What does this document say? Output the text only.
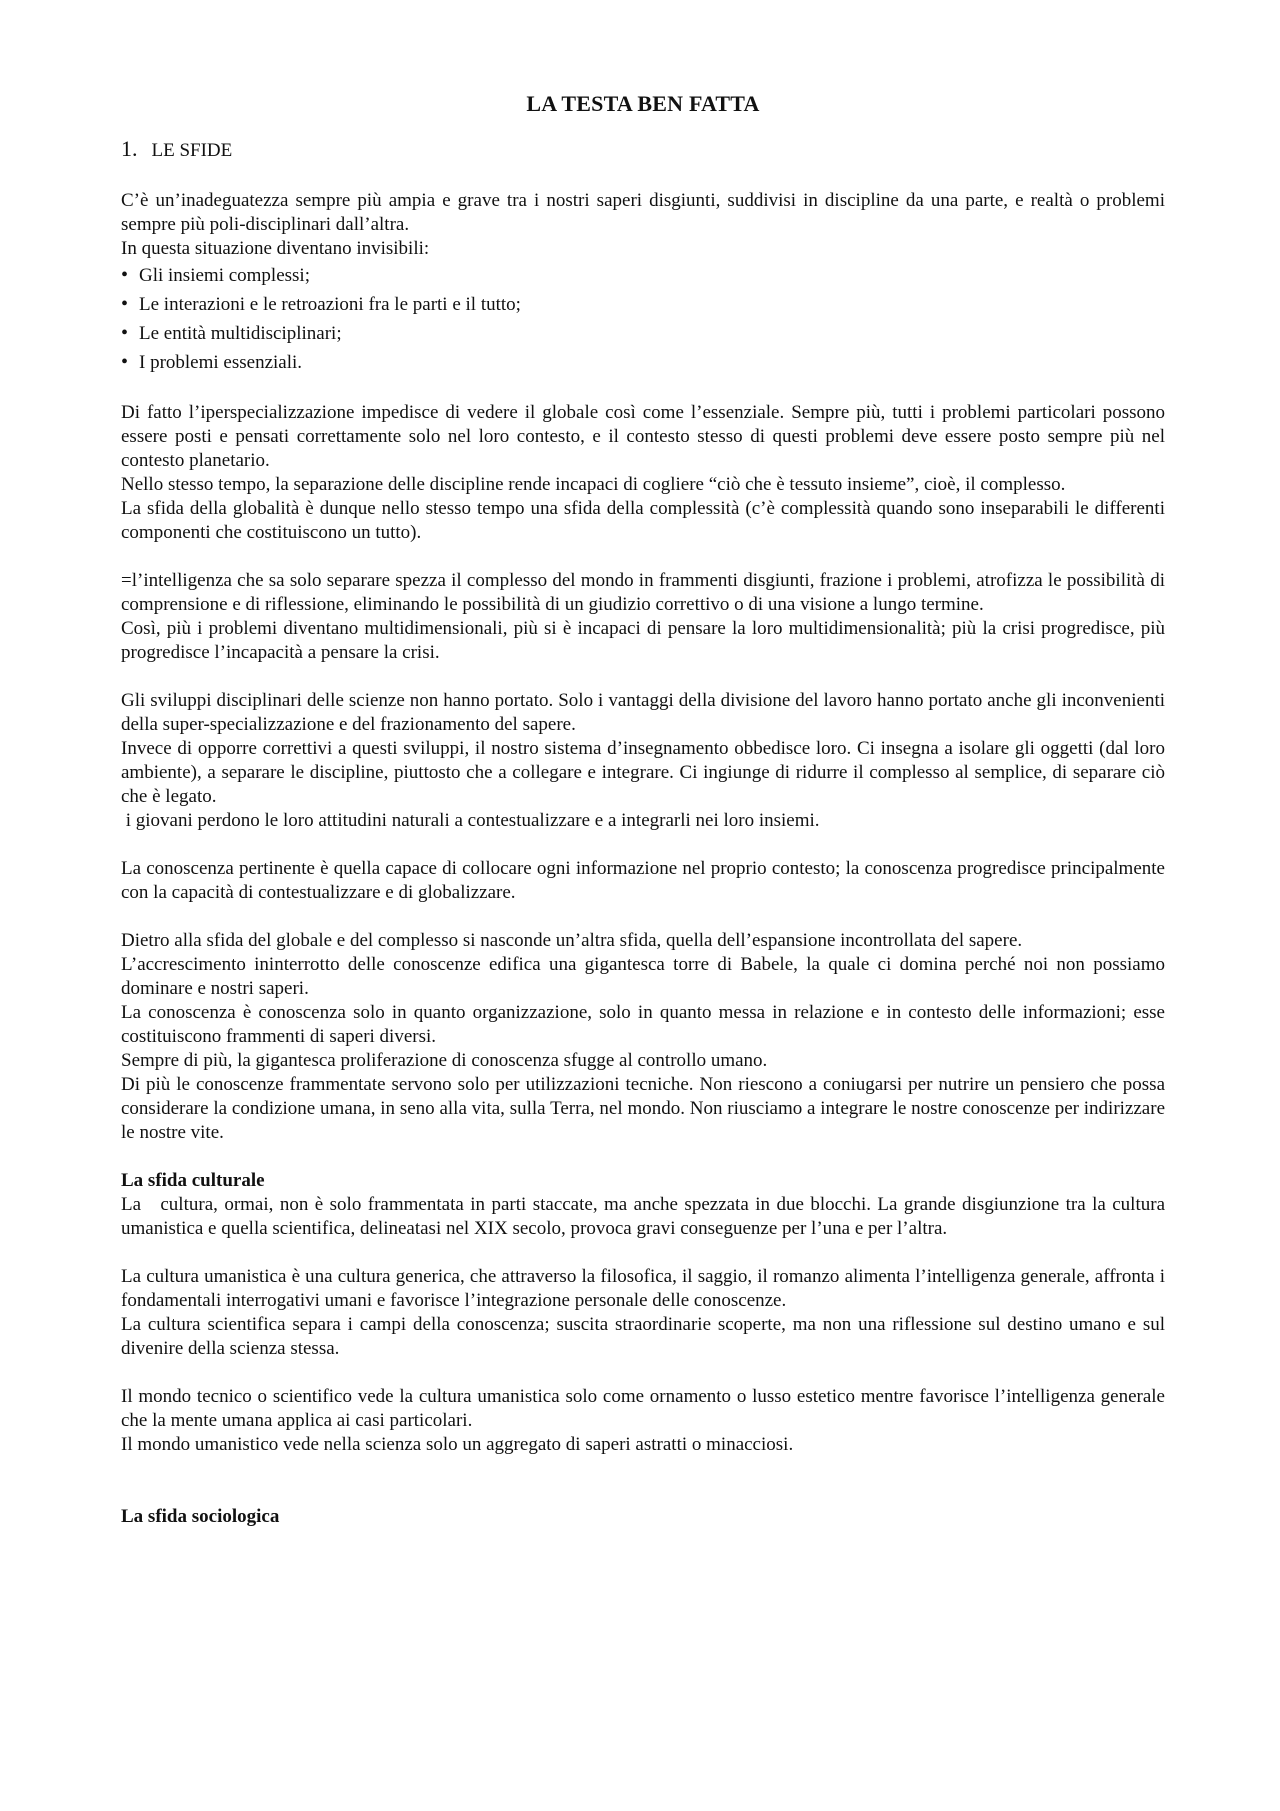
LA TESTA BEN FATTA
1. LE SFIDE

C’è un’inadeguatezza sempre più ampia e grave tra i nostri saperi disgiunti, suddivisi in discipline da una parte, e realtà o problemi sempre più poli-disciplinari dall’altra.

In questa situazione diventano invisibili:

• Gli insiemi complessi;
• Le interazioni e le retroazioni fra le parti e il tutto;
• Le entità multidisciplinari;
• I problemi essenziali.

Di fatto l’iperspecializzazione impedisce di vedere il globale così come l’essenziale. Sempre più, tutti i problemi particolari possono essere posti e pensati correttamente solo nel loro contesto, e il contesto stesso di questi problemi deve essere posto sempre più nel contesto planetario.

Nello stesso tempo, la separazione delle discipline rende incapaci di cogliere “ciò che è tessuto insieme”, cioè, il complesso.

La sfida della globalità è dunque nello stesso tempo una sfida della complessità (c’è complessità quando sono inseparabili le differenti componenti che costituiscono un tutto).

=l’intelligenza che sa solo separare spezza il complesso del mondo in frammenti disgiunti, frazione i problemi, atrofizza le possibilità di comprensione e di riflessione, eliminando le possibilità di un giudizio correttivo o di una visione a lungo termine.

Così, più i problemi diventano multidimensionali, più si è incapaci di pensare la loro multidimensionalità; più la crisi progredisce, più progredisce l’incapacità a pensare la crisi.

Gli sviluppi disciplinari delle scienze non hanno portato. Solo i vantaggi della divisione del lavoro hanno portato anche gli inconvenienti della super-specializzazione e del frazionamento del sapere.

Invece di opporre correttivi a questi sviluppi, il nostro sistema d’insegnamento obbedisce loro. Ci insegna a isolare gli oggetti (dal loro ambiente), a separare le discipline, piuttosto che a collegare e integrare. Ci ingiunge di ridurre il complesso al semplice, di separare ciò che è legato.

i giovani perdono le loro attitudini naturali a contestualizzare e a integrarli nei loro insiemi.

La conoscenza pertinente è quella capace di collocare ogni informazione nel proprio contesto; la conoscenza progredisce principalmente con la capacità di contestualizzare e di globalizzare.

Dietro alla sfida del globale e del complesso si nasconde un’altra sfida, quella dell’espansione incontrollata del sapere.

L’accrescimento ininterrotto delle conoscenze edifica una gigantesca torre di Babele, la quale ci domina perché noi non possiamo dominare e nostri saperi.

La conoscenza è conoscenza solo in quanto organizzazione, solo in quanto messa in relazione e in contesto delle informazioni; esse costituiscono frammenti di saperi diversi.

Sempre di più, la gigantesca proliferazione di conoscenza sfugge al controllo umano.

Di più le conoscenze frammentate servono solo per utilizzazioni tecniche. Non riescono a coniugarsi per nutrire un pensiero che possa considerare la condizione umana, in seno alla vita, sulla Terra, nel mondo. Non riusciamo a integrare le nostre conoscenze per indirizzare le nostre vite.

La sfida culturale

La   cultura, ormai, non è solo frammentata in parti staccate, ma anche spezzata in due blocchi. La grande disgiunzione tra la cultura umanistica e quella scientifica, delineatasi nel XIX secolo, provoca gravi conseguenze per l’una e per l’altra.

La cultura umanistica è una cultura generica, che attraverso la filosofica, il saggio, il romanzo alimenta l’intelligenza generale, affronta i fondamentali interrogativi umani e favorisce l’integrazione personale delle conoscenze.

La cultura scientifica separa i campi della conoscenza; suscita straordinarie scoperte, ma non una riflessione sul destino umano e sul divenire della scienza stessa.

Il mondo tecnico o scientifico vede la cultura umanistica solo come ornamento o lusso estetico mentre favorisce l’intelligenza generale che la mente umana applica ai casi particolari.

Il mondo umanistico vede nella scienza solo un aggregato di saperi astratti o minacciosi.

La sfida sociologica
